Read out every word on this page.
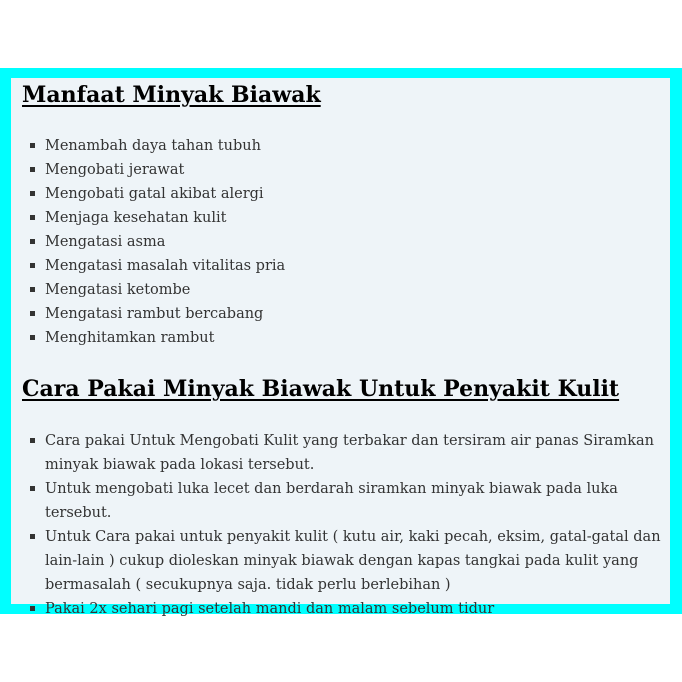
Manfaat Minyak Biawak
Menambah daya tahan tubuh
Mengobati jerawat
Mengobati gatal akibat alergi
Menjaga kesehatan kulit
Mengatasi asma
Mengatasi masalah vitalitas pria
Mengatasi ketombe
Mengatasi rambut bercabang
Menghitamkan rambut
Cara Pakai Minyak Biawak Untuk Penyakit Kulit
Cara pakai Untuk Mengobati Kulit yang terbakar dan tersiram air panas Siramkan minyak biawak pada lokasi tersebut.
Untuk mengobati luka lecet dan berdarah siramkan minyak biawak pada luka tersebut.
Untuk Cara pakai untuk penyakit kulit ( kutu air, kaki pecah, eksim, gatal-gatal dan lain-lain ) cukup dioleskan minyak biawak dengan kapas tangkai pada kulit yang bermasalah ( secukupnya saja. tidak perlu berlebihan )
Pakai 2x sehari pagi setelah mandi dan malam sebelum tidur
